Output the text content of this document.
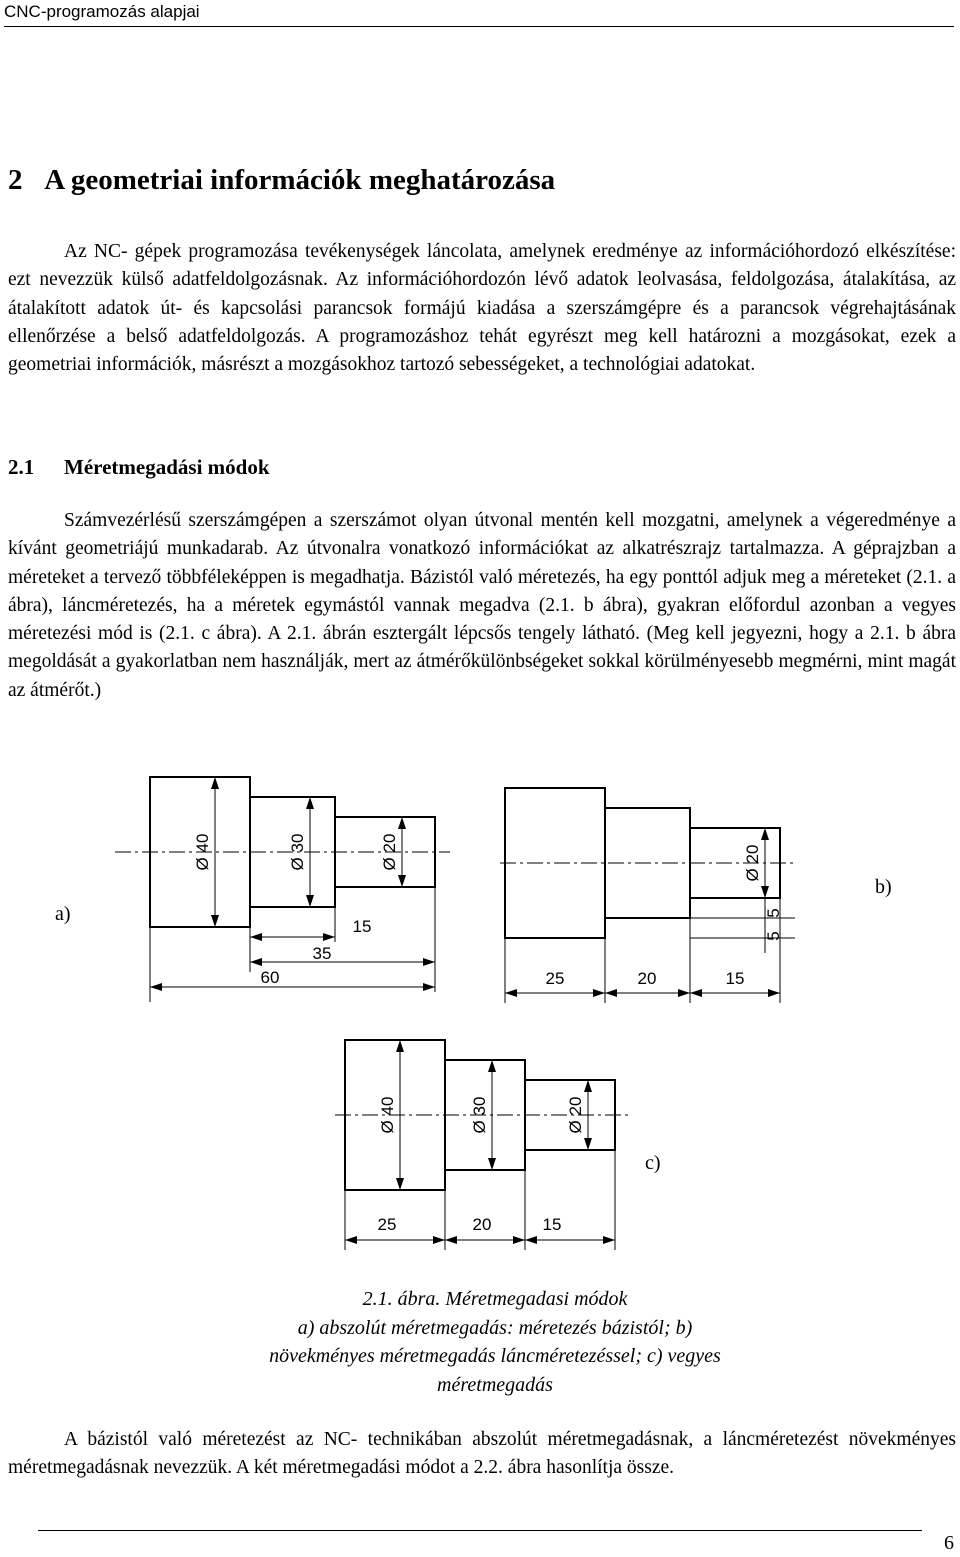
CNC-programozás alapjai
2 A geometriai információk meghatározása

Az NC- gépek programozása tevékenységek láncolata, amelynek eredménye az információhordozó elkészítése: ezt nevezzük külső adatfeldolgozásnak. Az információhordozón lévő adatok leolvasása, feldolgozása, átalakítása, az átalakított adatok út- és kapcsolási parancsok formájú kiadása a szerszámgépre és a parancsok végrehajtásának ellenőrzése a belső adatfeldolgozás. A programozáshoz tehát egyrészt meg kell határozni a mozgásokat, ezek a geometriai információk, másrészt a mozgásokhoz tartozó sebességeket, a technológiai adatokat.

2.1 Méretmegadási módok

Számvezérlésű szerszámgépen a szerszámot olyan útvonal mentén kell mozgatni, amelynek a végeredménye a kívánt geometriájú munkadarab. Az útvonalra vonatkozó információkat az alkatrészrajz tartalmazza. A géprajzban a méreteket a tervező többféleképpen is megadhatja. Bázistól való méretezés, ha egy ponttól adjuk meg a méreteket (2.1. a ábra), láncméretezés, ha a méretek egymástól vannak megadva (2.1. b ábra), gyakran előfordul azonban a vegyes méretezési mód is (2.1. c ábra). A 2.1. ábrán esztergált lépcsős tengely látható. (Meg kell jegyezni, hogy a 2.1. b ábra megoldását a gyakorlatban nem használják, mert az átmérőkülönbségeket sokkal körülményesebb megmérni, mint magát az átmérőt.)

Ø 40	Ø 30	Ø 20
15
35
60
a)
Ø 20
5
5
25	20	15
b)
Ø 40	Ø 30	Ø 20
25	20	15
c)
2.1. ábra. Méretmegadasi módok
a) abszolút méretmegadás: méretezés bázistól; b)
növekményes méretmegadás láncméretezéssel; c) vegyes
méretmegadás

A bázistól való méretezést az NC- technikában abszolút méretmegadásnak, a láncméretezést növekményes méretmegadásnak nevezzük. A két méretmegadási módot a 2.2. ábra hasonlítja össze.

6
